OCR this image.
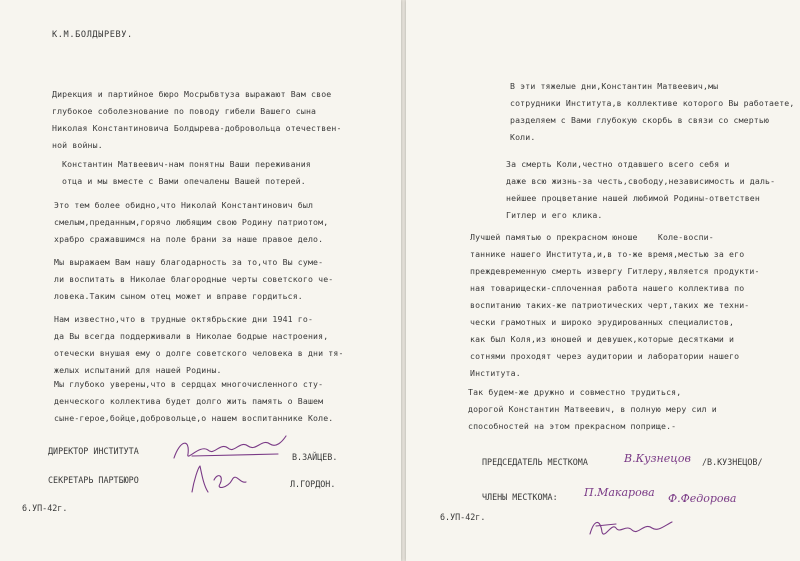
К.М.БОЛДЫРЕВУ.
Дирекция и партийное бюро Мосрыбвтуза выражают Вам свое
глубокое соболезнование по поводу гибели Вашего сына
Николая Константиновича Болдырева-добровольца отечествен-
ной войны.
Константин Матвеевич-нам понятны Ваши переживания
отца и мы вместе с Вами опечалены Вашей потерей.
Это тем более обидно,что Николай Константинович был
смелым,преданным,горячо любящим свою Родину патриотом,
храбро сражавшимся на поле брани за наше правое дело.
Мы выражаем Вам нашу благодарность за то,что Вы суме-
ли воспитать в Николае благородные черты советского че-
ловека.Таким сыном отец может и вправе гордиться.
Нам известно,что в трудные октябрьские дни 1941 го-
да Вы всегда поддерживали в Николае бодрые настроения,
отечески внушая ему о долге советского человека в дни тя-
желых испытаний для нашей Родины.
Мы глубоко уверены,что в сердцах многочисленного сту-
денческого коллектива будет долго жить память о Вашем
сыне-герое,бойце,добровольце,о нашем воспитаннике Коле.
ДИРЕКТОР ИНСТИТУТА
В.ЗАЙЦЕВ.
СЕКРЕТАРЬ ПАРТБЮРО	Л.ГОРДОН.
6.УП-42г.
В эти тяжелые дни,Константин Матвеевич,мы
сотрудники Института,в коллективе которого Вы работаете,
разделяем с Вами глубокую скорбь в связи со смертью
Коли.
За смерть Коли,честно отдавшего всего себя и
даже всю жизнь-за честь,свободу,независимость и даль-
нейшее процветание нашей любимой Родины-ответствен
Гитлер и его клика.
Лучшей памятью о прекрасном юноше    Коле-воспи-
таннике нашего Института,и,в то-же время,местью за его
преждевременную смерть извергу Гитлеру,является продукти-
ная товарищески-сплоченная работа нашего коллектива по
воспитанию таких-же патриотических черт,таких же техни-
чески грамотных и широко эрудированных специалистов,
как был Коля,из юношей и девушек,которые десятками и
сотнями проходят через аудитории и лаборатории нашего
Института.
Так будем-же дружно и совместно трудиться,
дорогой Константин Матвеевич, в полную меру сил и
способностей на этом прекрасном поприще.-
ПРЕДСЕДАТЕЛЬ МЕСТКОМА	В.Кузнецов /В.КУЗНЕЦОВ/
ЧЛЕНЫ МЕСТКОМА: П.Макарова Ф.Федорова
6.УП-42г.
